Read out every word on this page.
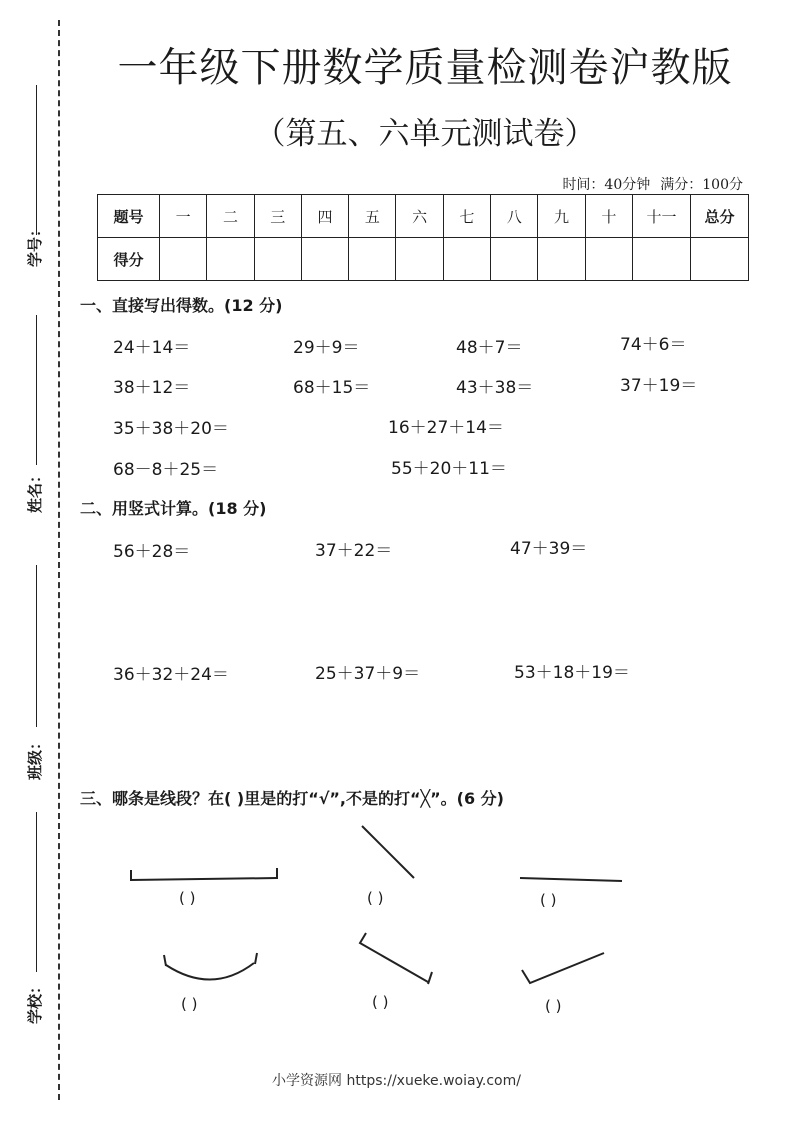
学号：
姓名：
班级：
学校：
一年级下册数学质量检测卷沪教版
（第五、六单元测试卷）
时间：40分钟 满分：100分
题号	一	二	三	四	五	六	七	八	九	十	十一	总分
得分												
一、直接写出得数。(12 分)
24＋14＝	29＋9＝	48＋7＝	74＋6＝
38＋12＝	68＋15＝	43＋38＝	37＋19＝
35＋38＋20＝	16＋27＋14＝
68－8＋25＝	55＋20＋11＝
二、用竖式计算。(18 分)
56＋28＝	37＋22＝	47＋39＝
36＋32＋24＝	25＋37＋9＝	53＋18＋19＝
三、哪条是线段？在( )里是的打“√”,不是的打“╳”。(6 分)
( )	( )	( )
( )	( )	( )
小学资源网 https://xueke.woiay.com/
